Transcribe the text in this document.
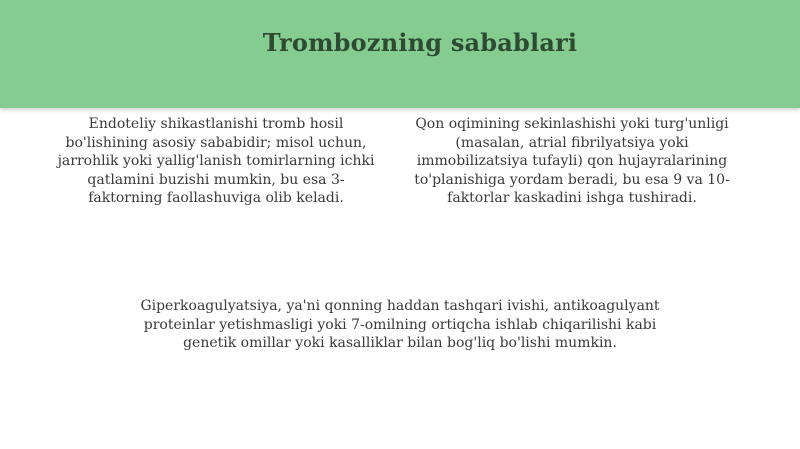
Trombozning sabablari
Endoteliy shikastlanishi tromb hosil bo'lishining asosiy sababidir; misol uchun, jarrohlik yoki yallig'lanish tomirlarning ichki qatlamini buzishi mumkin, bu esa 3-faktorning faollashuviga olib keladi.
Qon oqimining sekinlashishi yoki turg'unligi (masalan, atrial fibrilyatsiya yoki immobilizatsiya tufayli) qon hujayralarining to'planishiga yordam beradi, bu esa 9 va 10-faktorlar kaskadini ishga tushiradi.
Giperkoagulyatsiya, ya'ni qonning haddan tashqari ivishi, antikoagulyant proteinlar yetishmasligi yoki 7-omilning ortiqcha ishlab chiqarilishi kabi genetik omillar yoki kasalliklar bilan bog'liq bo'lishi mumkin.
